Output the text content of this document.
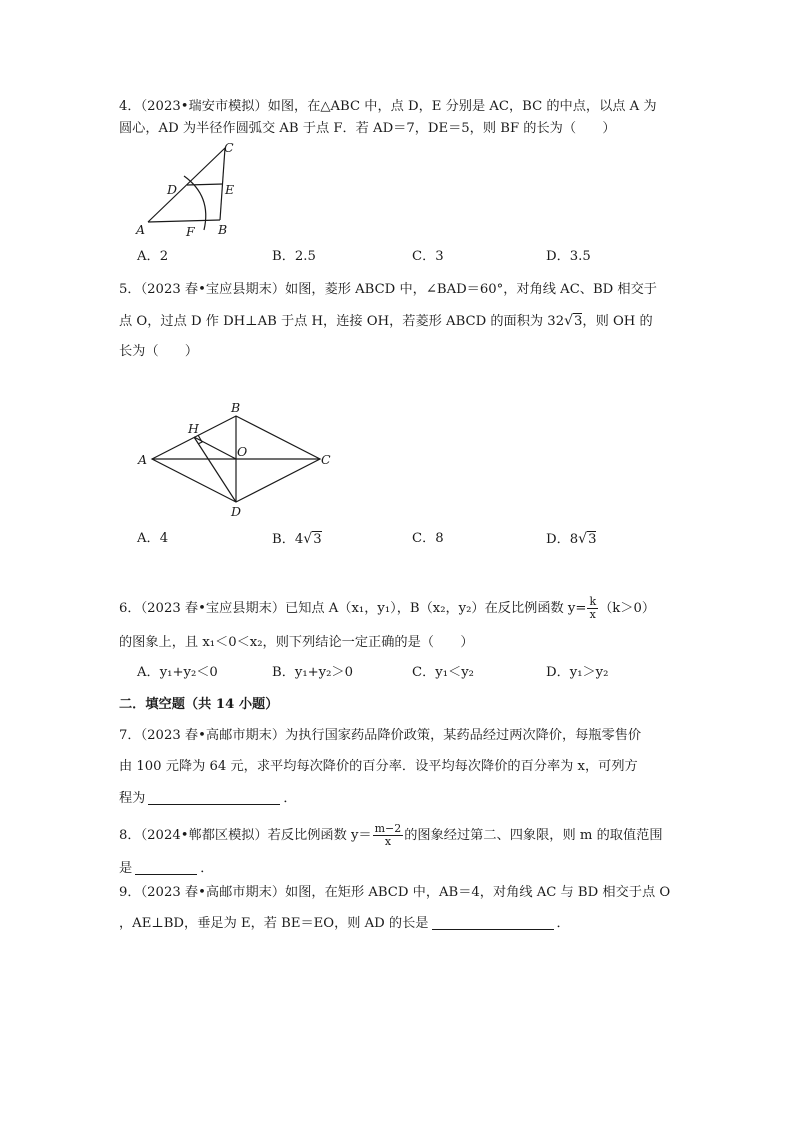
4．（2023•瑞安市模拟）如图，在△ABC 中，点 D，E 分别是 AC，BC 的中点，以点 A 为
圆心，AD 为半径作圆弧交 AB 于点 F．若 AD＝7，DE＝5，则 BF 的长为（　　）
C
D	E
A	F B
A．2	B．2.5	C．3	D．3.5
5．（2023 春•宝应县期末）如图，菱形 ABCD 中，∠BAD＝60°，对角线 AC、BD 相交于
点 O，过点 D 作 DH⊥AB 于点 H，连接 OH，若菱形 ABCD 的面积为 32√3，则 OH 的
长为（　　）
B
H
A
O
C
D
A．4	B．4√3	C．8	D．8√3
6．（2023 春•宝应县期末）已知点 A（x₁，y₁），B（x₂，y₂）在反比例函数 $y= \frac{k}{x} (k>0)$
的图象上，且 x₁＜0＜x₂，则下列结论一定正确的是（　　）
A．y₁+y₂＜0	B．y₁+y₂＞0	C．y₁＜y₂	D．y₁＞y₂
二．填空题（共 14 小题）
7．（2023 春•高邮市期末）为执行国家药品降价政策，某药品经过两次降价，每瓶零售价
由 100 元降为 64 元，求平均每次降价的百分率．设平均每次降价的百分率为 x，可列方
程为	．
8．（2024•郸都区模拟）若反比例函数 $y= \frac{m-2}{x}$ 的图象经过第二、四象限，则 m 的取值范围
是	．
9．（2023 春•高邮市期末）如图，在矩形 ABCD 中，AB＝4，对角线 AC 与 BD 相交于点 O
，AE⊥BD，垂足为 E，若 BE＝EO，则 AD 的长是	．
